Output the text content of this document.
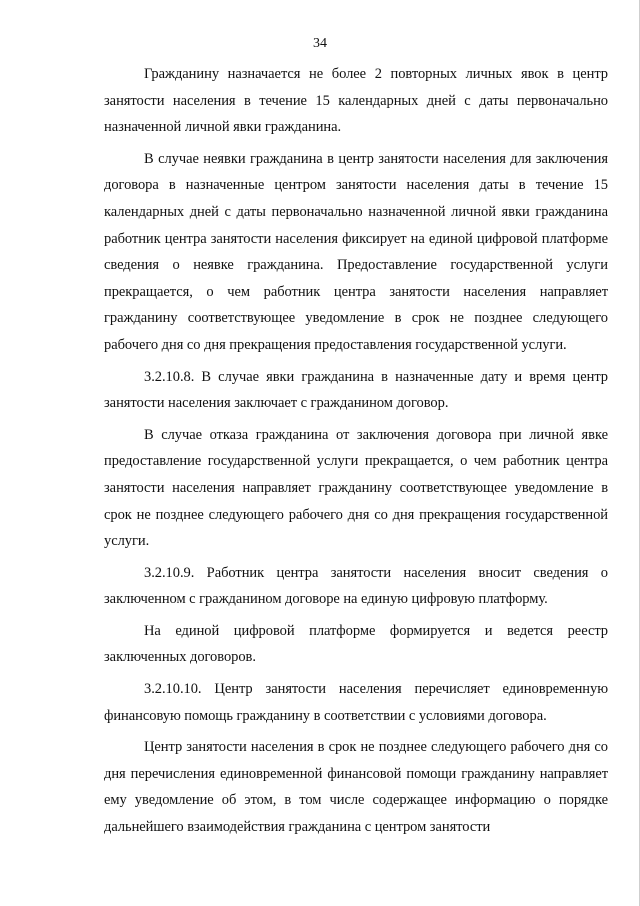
34

Гражданину назначается не более 2 повторных личных явок в центр занятости населения в течение 15 календарных дней с даты первоначально назначенной личной явки гражданина.

В случае неявки гражданина в центр занятости населения для заключения договора в назначенные центром занятости населения даты в течение 15 календарных дней с даты первоначально назначенной личной явки гражданина работник центра занятости населения фиксирует на единой цифровой платформе сведения о неявке гражданина. Предоставление государственной услуги прекращается, о чем работник центра занятости населения направляет гражданину соответствующее уведомление в срок не позднее следующего рабочего дня со дня прекращения предоставления государственной услуги.

3.2.10.8. В случае явки гражданина в назначенные дату и время центр занятости населения заключает с гражданином договор.

В случае отказа гражданина от заключения договора при личной явке предоставление государственной услуги прекращается, о чем работник центра занятости населения направляет гражданину соответствующее уведомление в срок не позднее следующего рабочего дня со дня прекращения государственной услуги.

3.2.10.9. Работник центра занятости населения вносит сведения о заключенном с гражданином договоре на единую цифровую платформу.

На единой цифровой платформе формируется и ведется реестр заключенных договоров.

3.2.10.10. Центр занятости населения перечисляет единовременную финансовую помощь гражданину в соответствии с условиями договора.

Центр занятости населения в срок не позднее следующего рабочего дня со дня перечисления единовременной финансовой помощи гражданину направляет ему уведомление об этом, в том числе содержащее информацию о порядке дальнейшего взаимодействия гражданина с центром занятости
